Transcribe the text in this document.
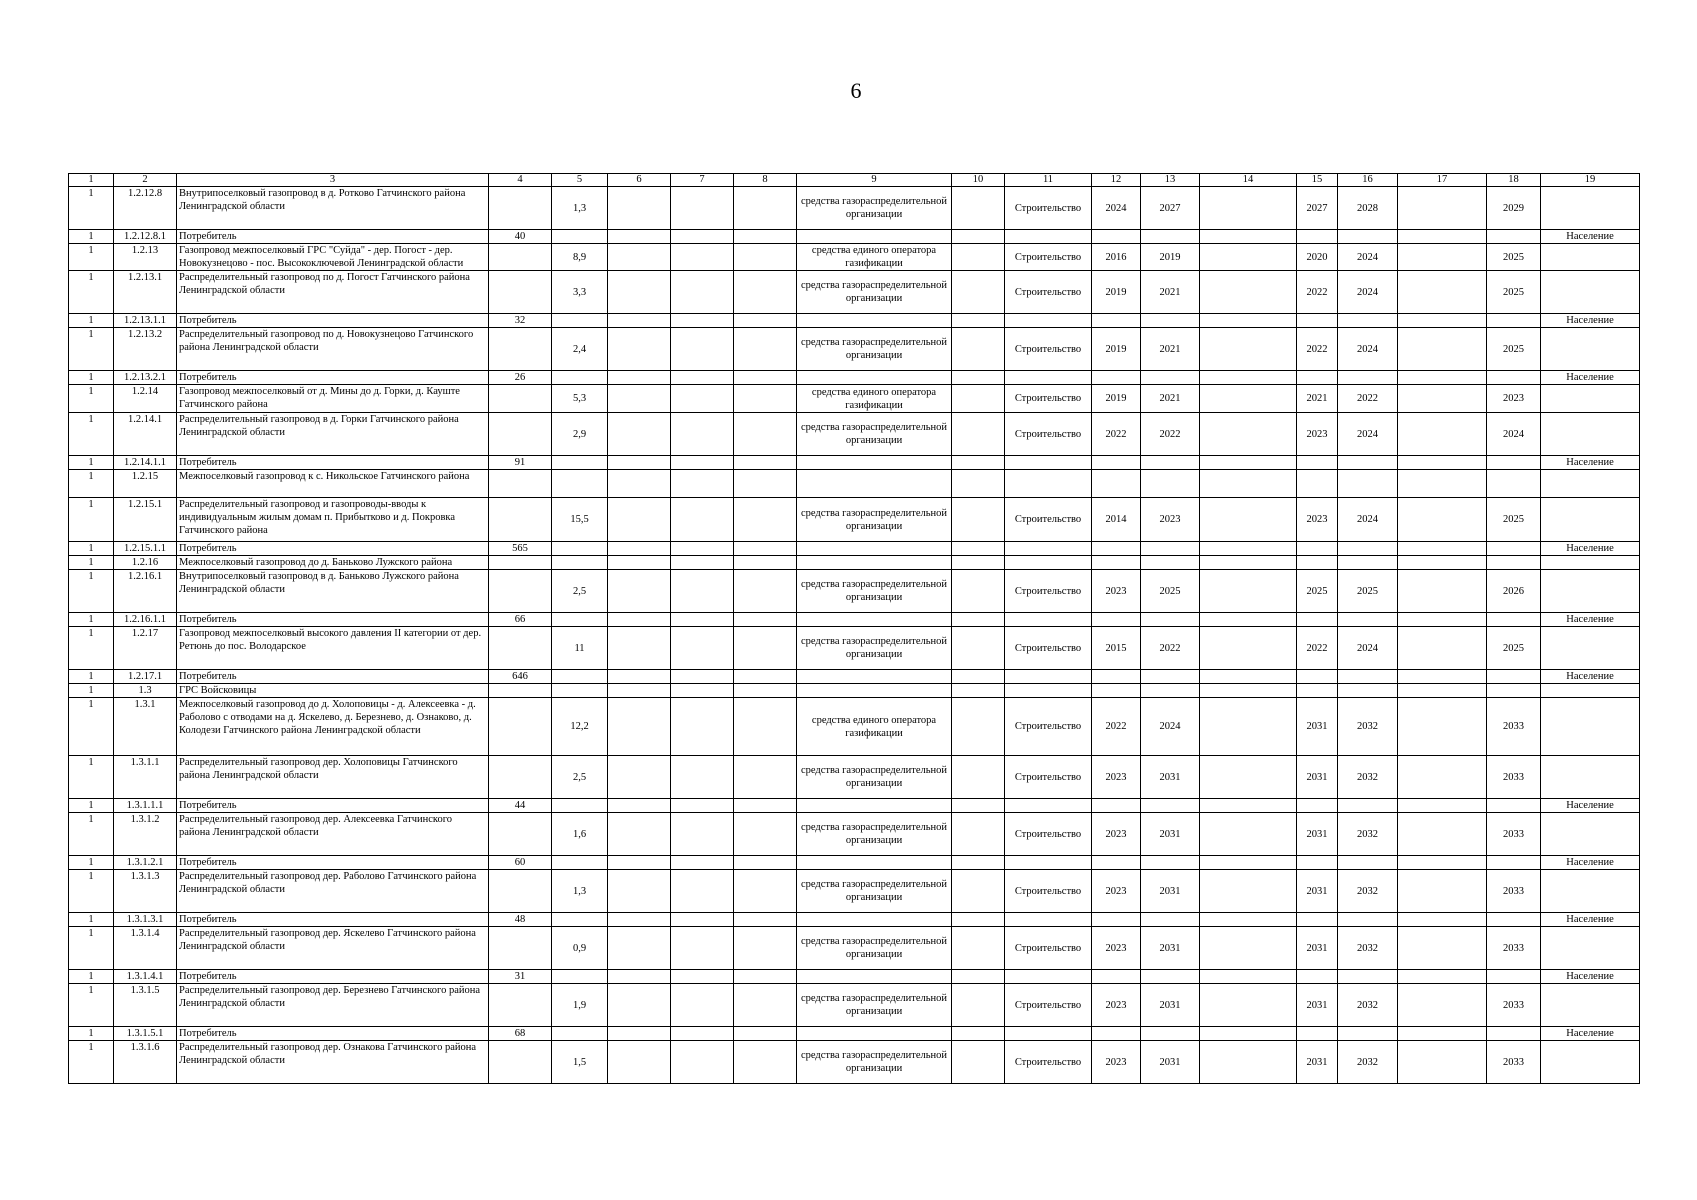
6
1	2	3	4	5	6	7	8	9	10	11	12	13	14	15	16	17	18	19
1	1.2.12.8	Внутрипоселковый газопровод в д. Ротково Гатчинского района Ленинградской области		1,3				средства газораспределительной организации		Строительство	2024	2027		2027	2028		2029	
1	1.2.12.8.1	Потребитель	40															Население
1	1.2.13	Газопровод межпоселковый ГРС "Суйда" - дер. Погост - дер. Новокузнецово - пос. Высокоключевой Ленинградской области		8,9				средства единого оператора газификации		Строительство	2016	2019		2020	2024		2025	
1	1.2.13.1	Распределительный газопровод по д. Погост Гатчинского района Ленинградской области		3,3				средства газораспределительной организации		Строительство	2019	2021		2022	2024		2025	
1	1.2.13.1.1	Потребитель	32															Население
1	1.2.13.2	Распределительный газопровод по д. Новокузнецово Гатчинского района Ленинградской области		2,4				средства газораспределительной организации		Строительство	2019	2021		2022	2024		2025	
1	1.2.13.2.1	Потребитель	26															Население
1	1.2.14	Газопровод межпоселковый от д. Мины до д. Горки, д. Кауште Гатчинского района		5,3				средства единого оператора газификации		Строительство	2019	2021		2021	2022		2023	
1	1.2.14.1	Распределительный газопровод в д. Горки Гатчинского района Ленинградской области		2,9				средства газораспределительной организации		Строительство	2022	2022		2023	2024		2024	
1	1.2.14.1.1	Потребитель	91															Население
1	1.2.15	Межпоселковый газопровод к с. Никольское Гатчинского района																
1	1.2.15.1	Распределительный газопровод и газопроводы-вводы к индивидуальным жилым домам п. Прибытково и д. Покровка Гатчинского района		15,5				средства газораспределительной организации		Строительство	2014	2023		2023	2024		2025	
1	1.2.15.1.1	Потребитель	565															Население
1	1.2.16	Межпоселковый газопровод до д. Баньково Лужского района																
1	1.2.16.1	Внутрипоселковый газопровод в д. Баньково Лужского района Ленинградской области		2,5				средства газораспределительной организации		Строительство	2023	2025		2025	2025		2026	
1	1.2.16.1.1	Потребитель	66															Население
1	1.2.17	Газопровод межпоселковый высокого давления II категории от дер. Ретюнь до пос. Володарское		11				средства газораспределительной организации		Строительство	2015	2022		2022	2024		2025	
1	1.2.17.1	Потребитель	646															Население
1	1.3	ГРС Войсковицы																
1	1.3.1	Межпоселковый газопровод до д. Холоповицы - д. Алексеевка - д. Раболово с отводами на д. Яскелево, д. Березнево, д. Ознаково, д. Колодези Гатчинского района Ленинградской области		12,2				средства единого оператора газификации		Строительство	2022	2024		2031	2032		2033	
1	1.3.1.1	Распределительный газопровод дер. Холоповицы Гатчинского района Ленинградской области		2,5				средства газораспределительной организации		Строительство	2023	2031		2031	2032		2033	
1	1.3.1.1.1	Потребитель	44															Население
1	1.3.1.2	Распределительный газопровод дер. Алексеевка Гатчинского района Ленинградской области		1,6				средства газораспределительной организации		Строительство	2023	2031		2031	2032		2033	
1	1.3.1.2.1	Потребитель	60															Население
1	1.3.1.3	Распределительный газопровод дер. Раболово Гатчинского района Ленинградской области		1,3				средства газораспределительной организации		Строительство	2023	2031		2031	2032		2033	
1	1.3.1.3.1	Потребитель	48															Население
1	1.3.1.4	Распределительный газопровод дер. Яскелево Гатчинского района Ленинградской области		0,9				средства газораспределительной организации		Строительство	2023	2031		2031	2032		2033	
1	1.3.1.4.1	Потребитель	31															Население
1	1.3.1.5	Распределительный газопровод дер. Березнево Гатчинского района Ленинградской области		1,9				средства газораспределительной организации		Строительство	2023	2031		2031	2032		2033	
1	1.3.1.5.1	Потребитель	68															Население
1	1.3.1.6	Распределительный газопровод дер. Ознакова Гатчинского района Ленинградской области		1,5				средства газораспределительной организации		Строительство	2023	2031		2031	2032		2033	
